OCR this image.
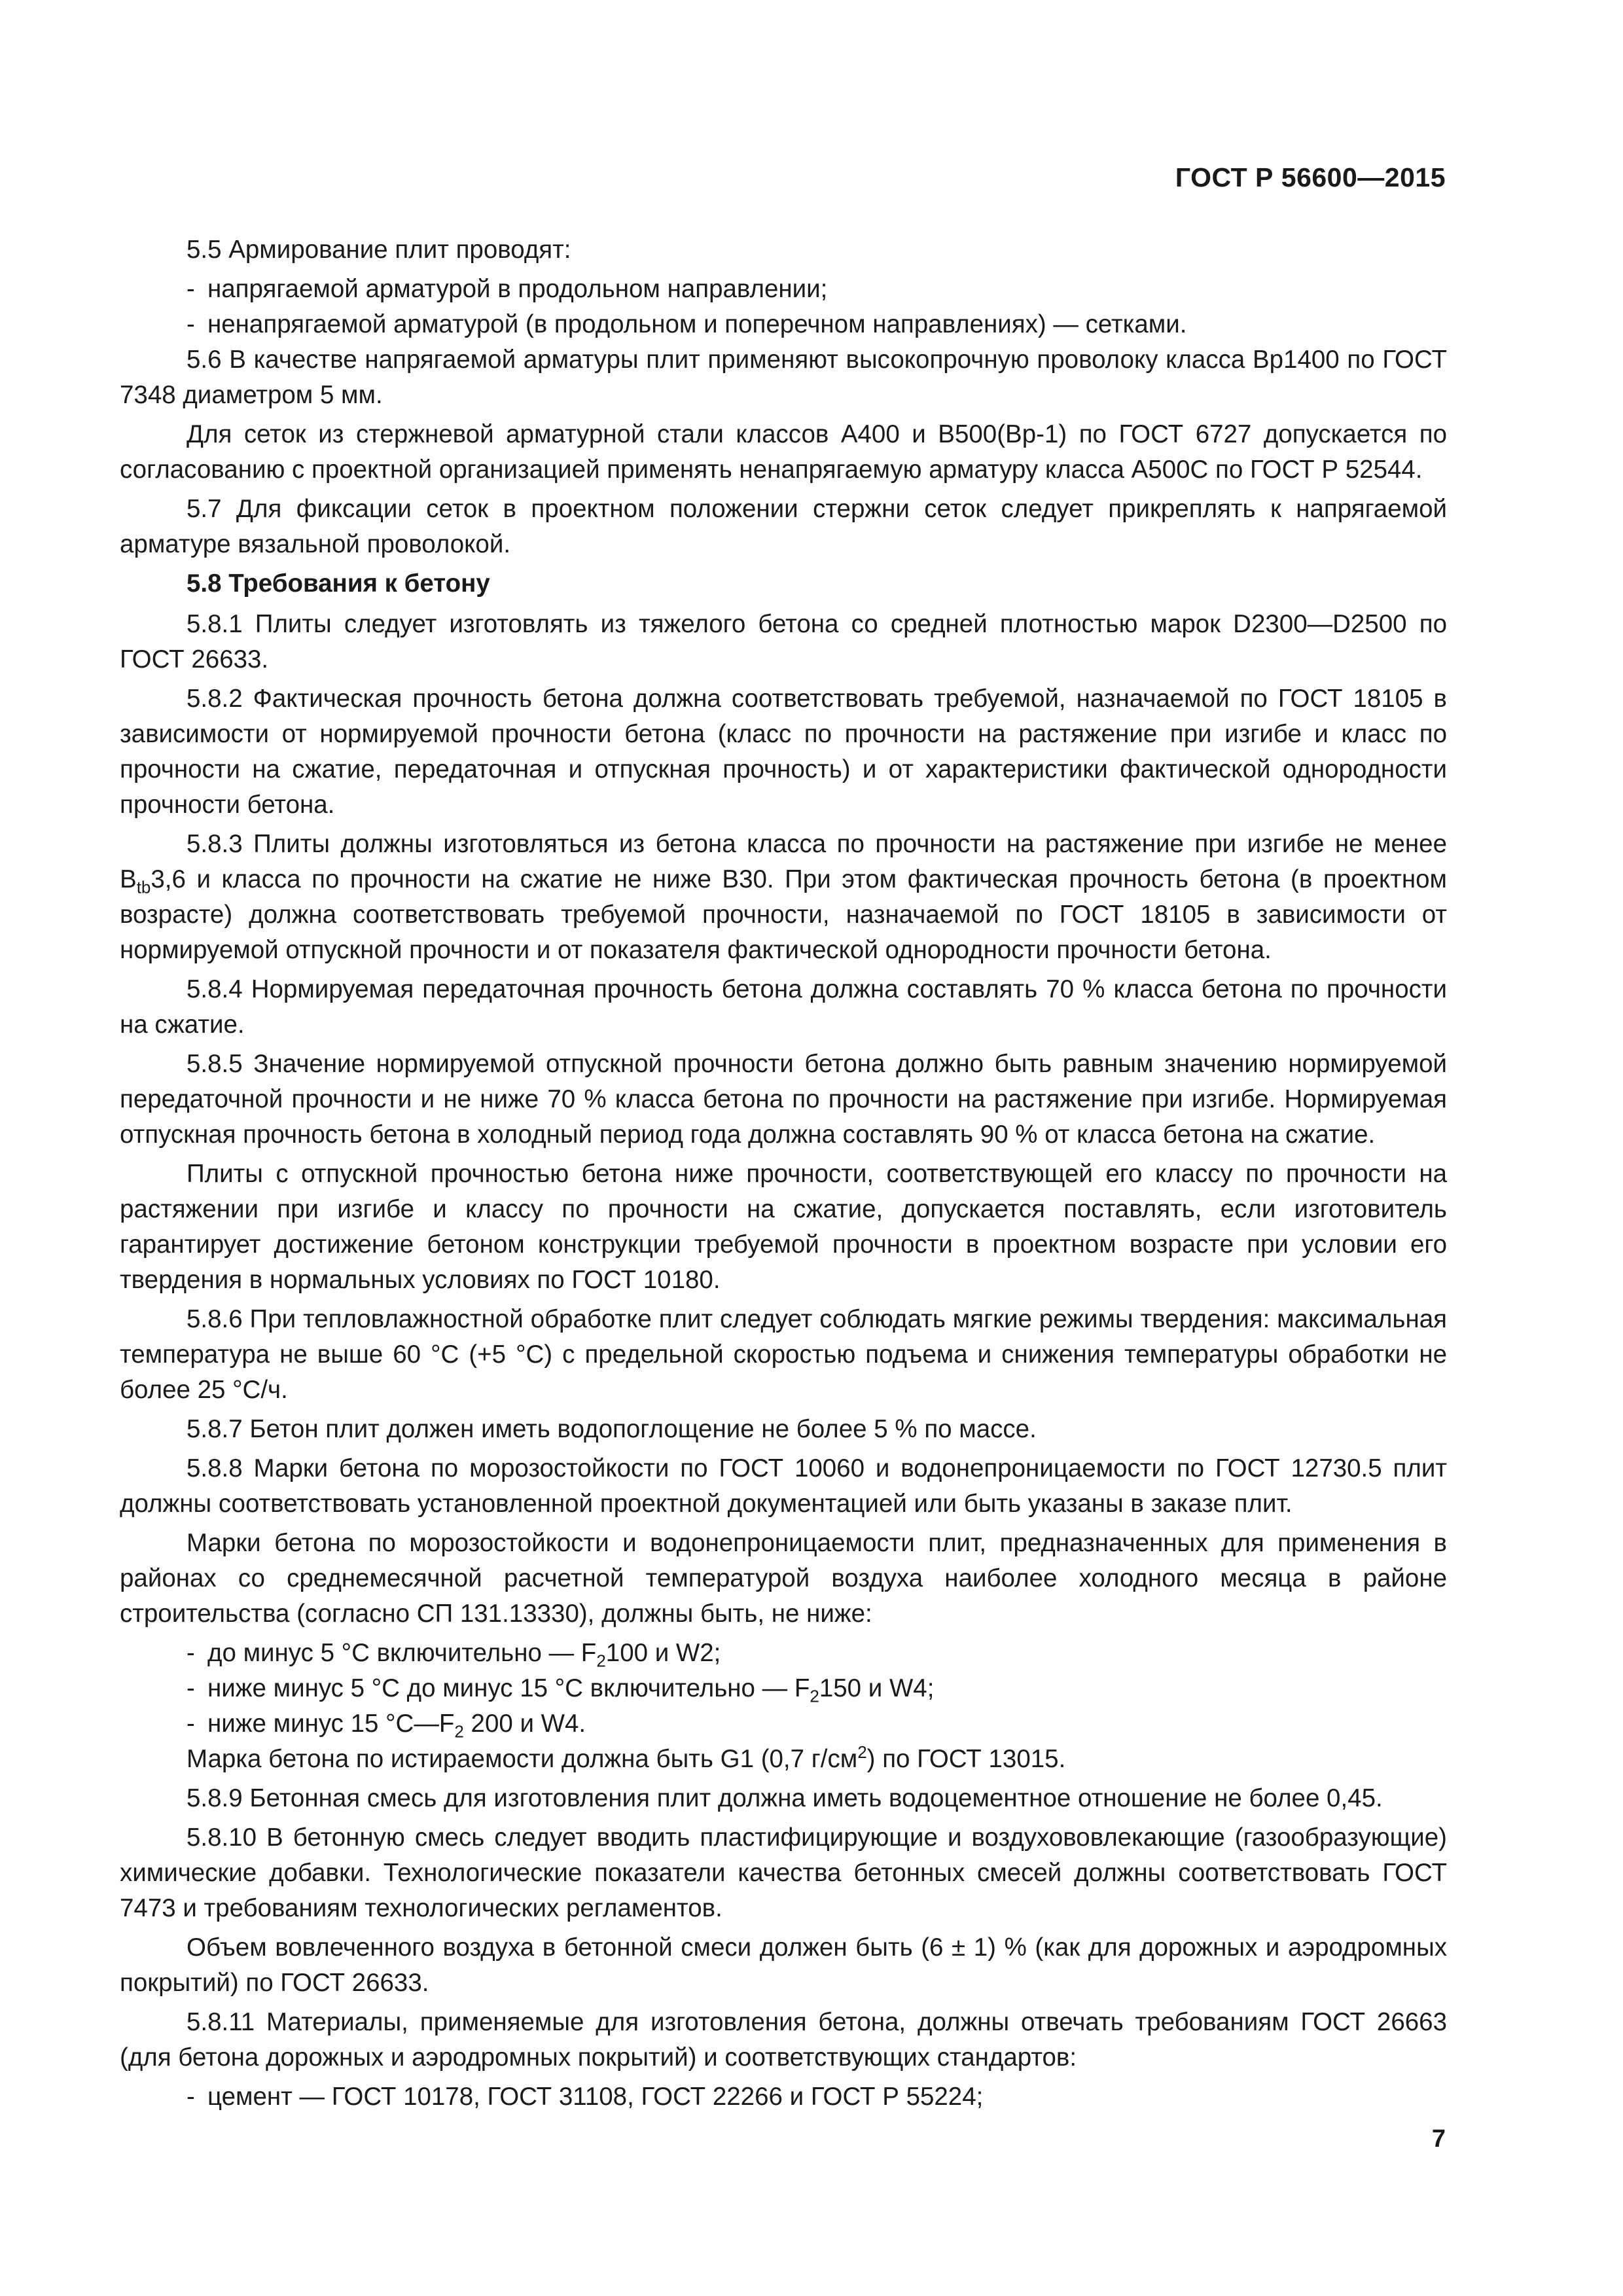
ГОСТ Р 56600—2015

5.5 Армирование плит проводят:

- напрягаемой арматурой в продольном направлении;

- ненапрягаемой арматурой (в продольном и поперечном направлениях) — сетками.

5.6 В качестве напрягаемой арматуры плит применяют высокопрочную проволоку класса Вр1400 по ГОСТ 7348 диаметром 5 мм.

Для сеток из стержневой арматурной стали классов А400 и В500(Вр-1) по ГОСТ 6727 допускается по согласованию с проектной организацией применять ненапрягаемую арматуру класса А500С по ГОСТ Р 52544.

5.7 Для фиксации сеток в проектном положении стержни сеток следует прикреплять к напрягаемой арматуре вязальной проволокой.

5.8 Требования к бетону

5.8.1 Плиты следует изготовлять из тяжелого бетона со средней плотностью марок D2300—D2500 по ГОСТ 26633.

5.8.2 Фактическая прочность бетона должна соответствовать требуемой, назначаемой по ГОСТ 18105 в зависимости от нормируемой прочности бетона (класс по прочности на растяжение при изгибе и класс по прочности на сжатие, передаточная и отпускная прочность) и от характеристики фактической однородности прочности бетона.

5.8.3 Плиты должны изготовляться из бетона класса по прочности на растяжение при изгибе не менее $B_{tb}3,6$ и класса по прочности на сжатие не ниже В30. При этом фактическая прочность бетона (в проектном возрасте) должна соответствовать требуемой прочности, назначаемой по ГОСТ 18105 в зависимости от нормируемой отпускной прочности и от показателя фактической однородности прочности бетона.

5.8.4 Нормируемая передаточная прочность бетона должна составлять 70 % класса бетона по прочности на сжатие.

5.8.5 Значение нормируемой отпускной прочности бетона должно быть равным значению нормируемой передаточной прочности и не ниже 70 % класса бетона по прочности на растяжение при изгибе. Нормируемая отпускная прочность бетона в холодный период года должна составлять 90 % от класса бетона на сжатие.

Плиты с отпускной прочностью бетона ниже прочности, соответствующей его классу по прочности на растяжении при изгибе и классу по прочности на сжатие, допускается поставлять, если изготовитель гарантирует достижение бетоном конструкции требуемой прочности в проектном возрасте при условии его твердения в нормальных условиях по ГОСТ 10180.

5.8.6 При тепловлажностной обработке плит следует соблюдать мягкие режимы твердения: максимальная температура не выше 60 °С (+5 °С) с предельной скоростью подъема и снижения температуры обработки не более 25 °С/ч.

5.8.7 Бетон плит должен иметь водопоглощение не более 5 % по массе.

5.8.8 Марки бетона по морозостойкости по ГОСТ 10060 и водонепроницаемости по ГОСТ 12730.5 плит должны соответствовать установленной проектной документацией или быть указаны в заказе плит.

Марки бетона по морозостойкости и водонепроницаемости плит, предназначенных для применения в районах со среднемесячной расчетной температурой воздуха наиболее холодного месяца в районе строительства (согласно СП 131.13330), должны быть, не ниже:

- до минус 5 °С включительно — $F_2100$ и W2;

- ниже минус 5 °С до минус 15 °С включительно — $F_2150$ и W4;

- ниже минус 15 $^\circ С—F_2$ 200 и W4.

Марка бетона по истираемости должна быть G1 (0,7 $г/см^2$) по ГОСТ 13015.

5.8.9 Бетонная смесь для изготовления плит должна иметь водоцементное отношение не более 0,45.

5.8.10 В бетонную смесь следует вводить пластифицирующие и воздухововлекающие (газообразующие) химические добавки. Технологические показатели качества бетонных смесей должны соответствовать ГОСТ 7473 и требованиям технологических регламентов.

Объем вовлеченного воздуха в бетонной смеси должен быть (6 ± 1) % (как для дорожных и аэродромных покрытий) по ГОСТ 26633.

5.8.11 Материалы, применяемые для изготовления бетона, должны отвечать требованиям ГОСТ 26663 (для бетона дорожных и аэродромных покрытий) и соответствующих стандартов:

- цемент — ГОСТ 10178, ГОСТ 31108, ГОСТ 22266 и ГОСТ Р 55224;

7
